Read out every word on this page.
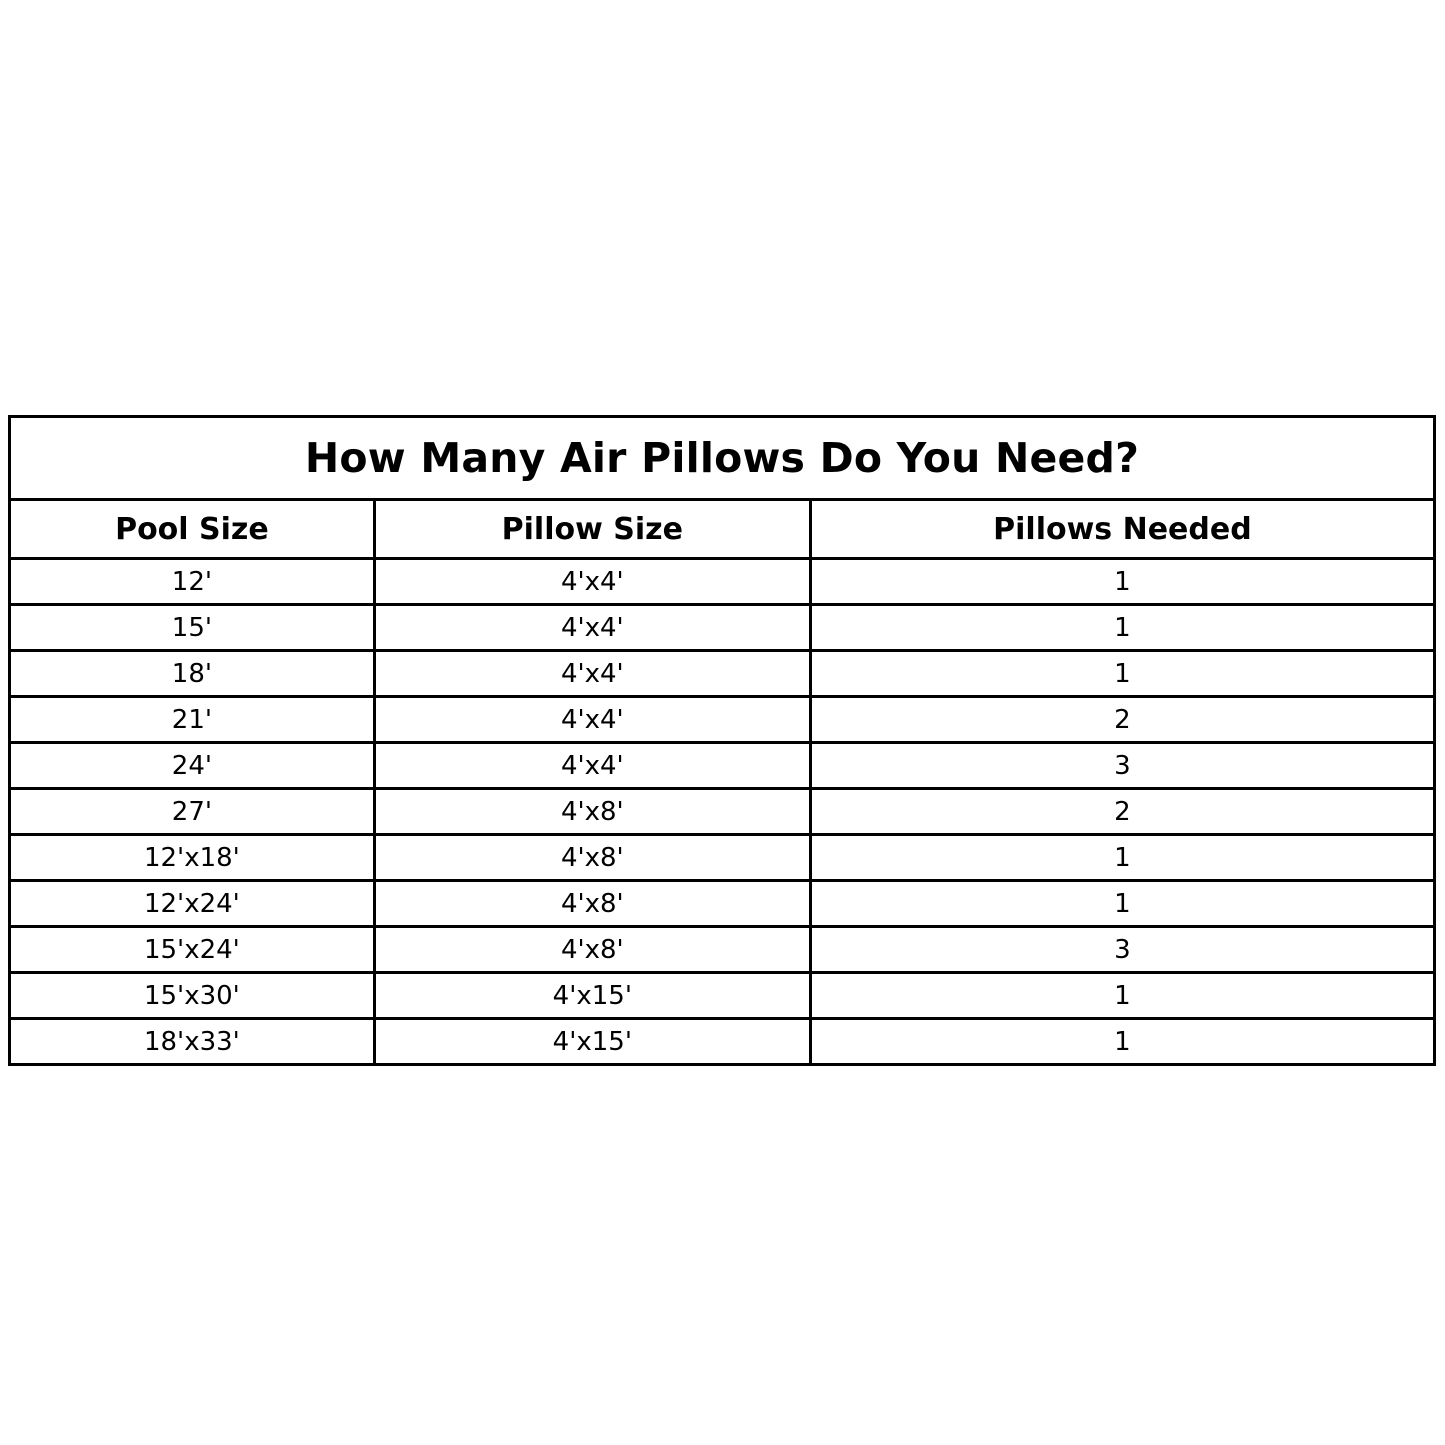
How Many Air Pillows Do You Need?		
Pool Size	Pillow Size	Pillows Needed
12'	4'x4'	1
15'	4'x4'	1
18'	4'x4'	1
21'	4'x4'	2
24'	4'x4'	3
27'	4'x8'	2
12'x18'	4'x8'	1
12'x24'	4'x8'	1
15'x24'	4'x8'	3
15'x30'	4'x15'	1
18'x33'	4'x15'	1
